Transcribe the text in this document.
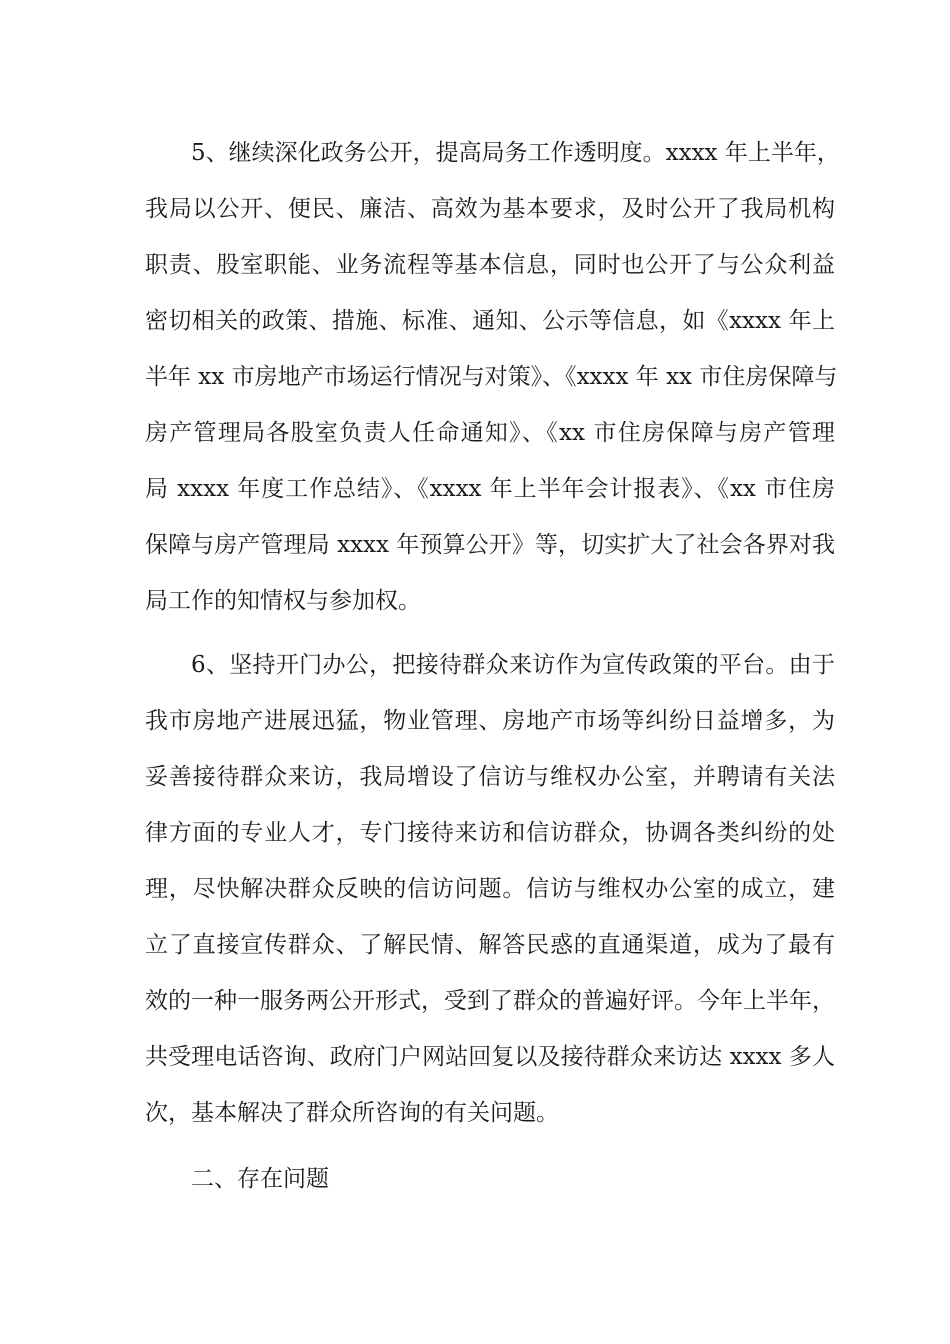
5、继续深化政务公开，提高局务工作透明度。xxxx 年上半年，
我局以公开、便民、廉洁、高效为基本要求，及时公开了我局机构
职责、股室职能、业务流程等基本信息，同时也公开了与公众利益
密切相关的政策、措施、标准、通知、公示等信息，如《xxxx 年上
半年 xx 市房地产市场运行情况与对策》、《xxxx 年 xx 市住房保障与
房产管理局各股室负责人任命通知》、《xx 市住房保障与房产管理
局 xxxx 年度工作总结》、《xxxx 年上半年会计报表》、《xx 市住房
保障与房产管理局 xxxx 年预算公开》等，切实扩大了社会各界对我
局工作的知情权与参加权。
6、坚持开门办公，把接待群众来访作为宣传政策的平台。由于
我市房地产进展迅猛，物业管理、房地产市场等纠纷日益增多，为
妥善接待群众来访，我局增设了信访与维权办公室，并聘请有关法
律方面的专业人才，专门接待来访和信访群众，协调各类纠纷的处
理，尽快解决群众反映的信访问题。信访与维权办公室的成立，建
立了直接宣传群众、了解民情、解答民惑的直通渠道，成为了最有
效的一种一服务两公开形式，受到了群众的普遍好评。今年上半年，
共受理电话咨询、政府门户网站回复以及接待群众来访达 xxxx 多人
次，基本解决了群众所咨询的有关问题。
二、存在问题
